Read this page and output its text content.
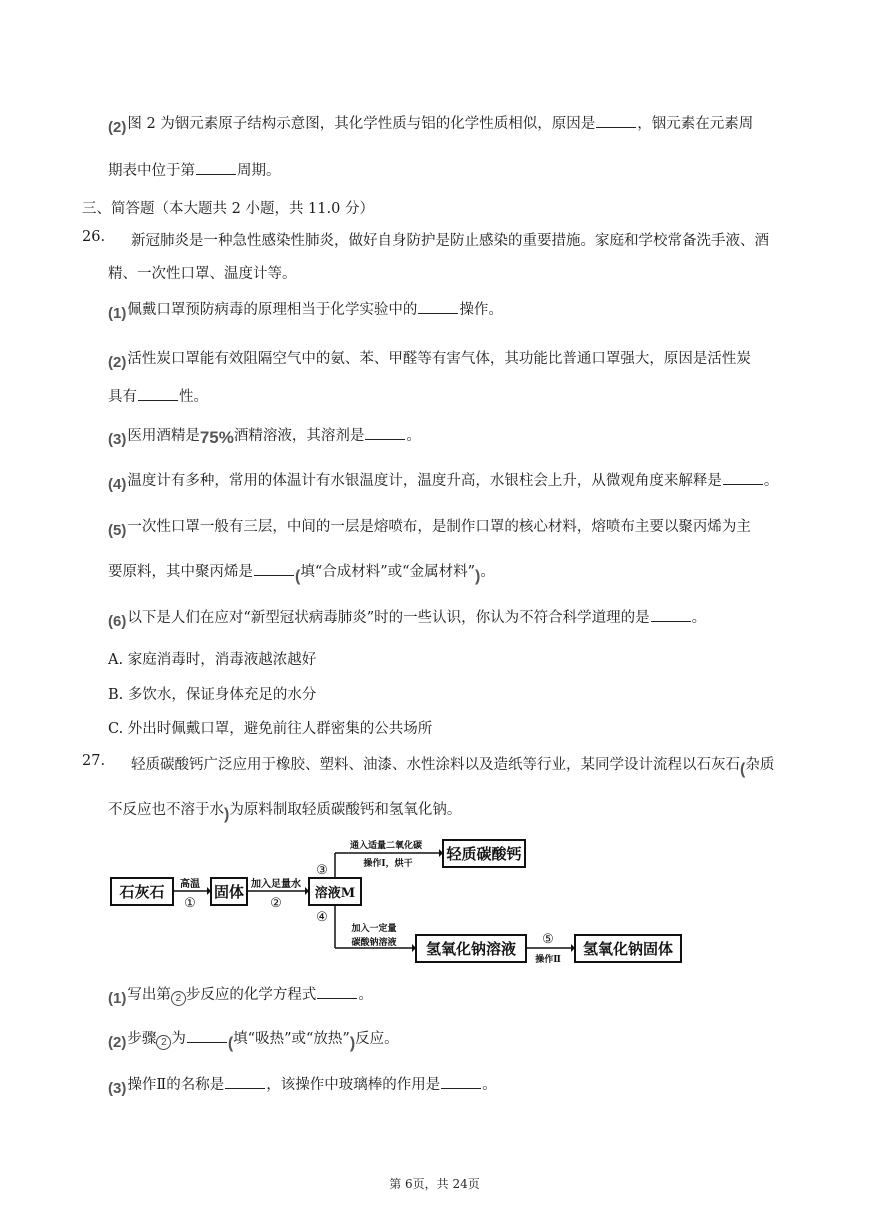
(2)图 2 为铟元素原子结构示意图，其化学性质与铝的化学性质相似，原因是	，铟元素在元素周
期表中位于第	周期。
三、简答题（本大题共 2 小题，共 11.0 分）
26. 新冠肺炎是一种急性感染性肺炎，做好自身防护是防止感染的重要措施。家庭和学校常备洗手液、酒
精、一次性口罩、温度计等。
(1)佩戴口罩预防病毒的原理相当于化学实验中的	操作。
(2)活性炭口罩能有效阻隔空气中的氨、苯、甲醛等有害气体，其功能比普通口罩强大，原因是活性炭
具有	性。
(3)医用酒精是75%酒精溶液，其溶剂是	。
(4)温度计有多种，常用的体温计有水银温度计，温度升高，水银柱会上升，从微观角度来解释是	。
(5)一次性口罩一般有三层，中间的一层是熔喷布，是制作口罩的核心材料，熔喷布主要以聚丙烯为主
要原料，其中聚丙烯是	(填“合成材料”或“金属材料”)。
(6)以下是人们在应对“新型冠状病毒肺炎”时的一些认识，你认为不符合科学道理的是	。
A. 家庭消毒时，消毒液越浓越好
B. 多饮水，保证身体充足的水分
C. 外出时佩戴口罩，避免前往人群密集的公共场所
27. 轻质碳酸钙广泛应用于橡胶、塑料、油漆、水性涂料以及造纸等行业，某同学设计流程以石灰石(杂质
不反应也不溶于水)为原料制取轻质碳酸钙和氢氧化钠。
石灰石	固体	溶液M
轻质碳酸钙
氢氧化钠溶液	氢氧化钠固体
高温
①
加入足量水
②
③
通入适量二氧化碳
操作Ⅰ，烘干
④
加入一定量
碳酸钠溶液	⑤
操作Ⅱ
(1)写出第 2 步反应的化学方程式	。
(2)步骤 2 为	(填“吸热”或“放热”)反应。
(3)操作Ⅱ的名称是	，该操作中玻璃棒的作用是	。
第 6页，共 24页
